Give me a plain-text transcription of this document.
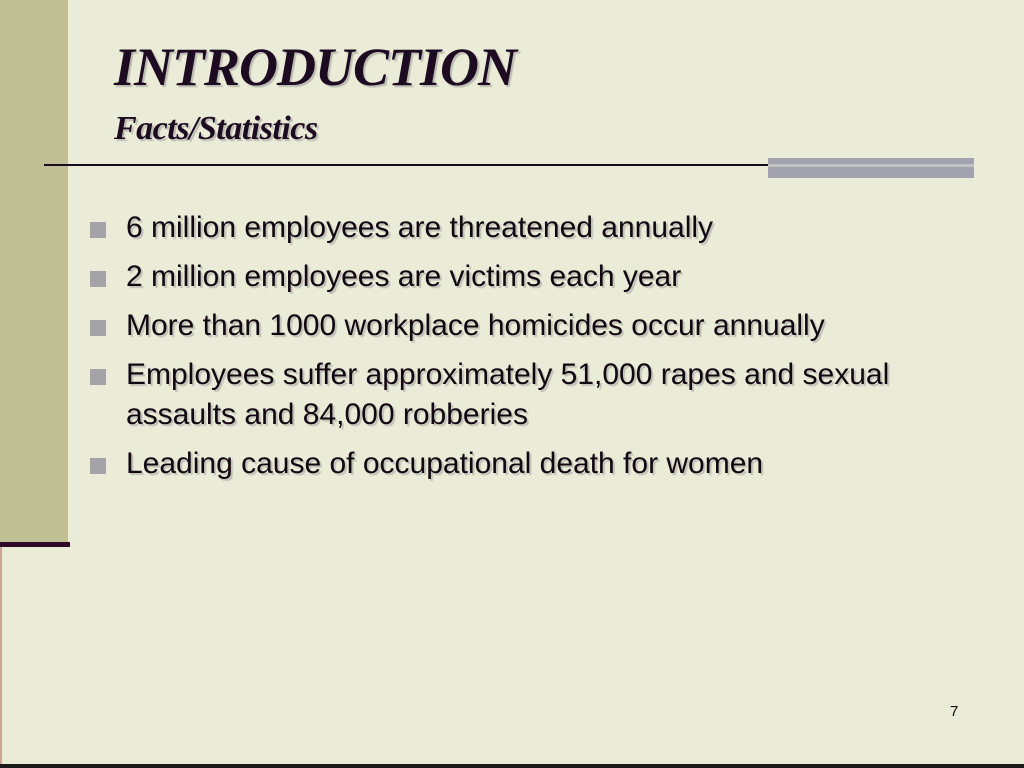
INTRODUCTION
Facts/Statistics
6 million employees are threatened annually
2 million employees are victims each year
More than 1000 workplace homicides occur annually
Employees suffer approximately 51,000 rapes and sexual assaults and 84,000 robberies
Leading cause of occupational death for women
7
